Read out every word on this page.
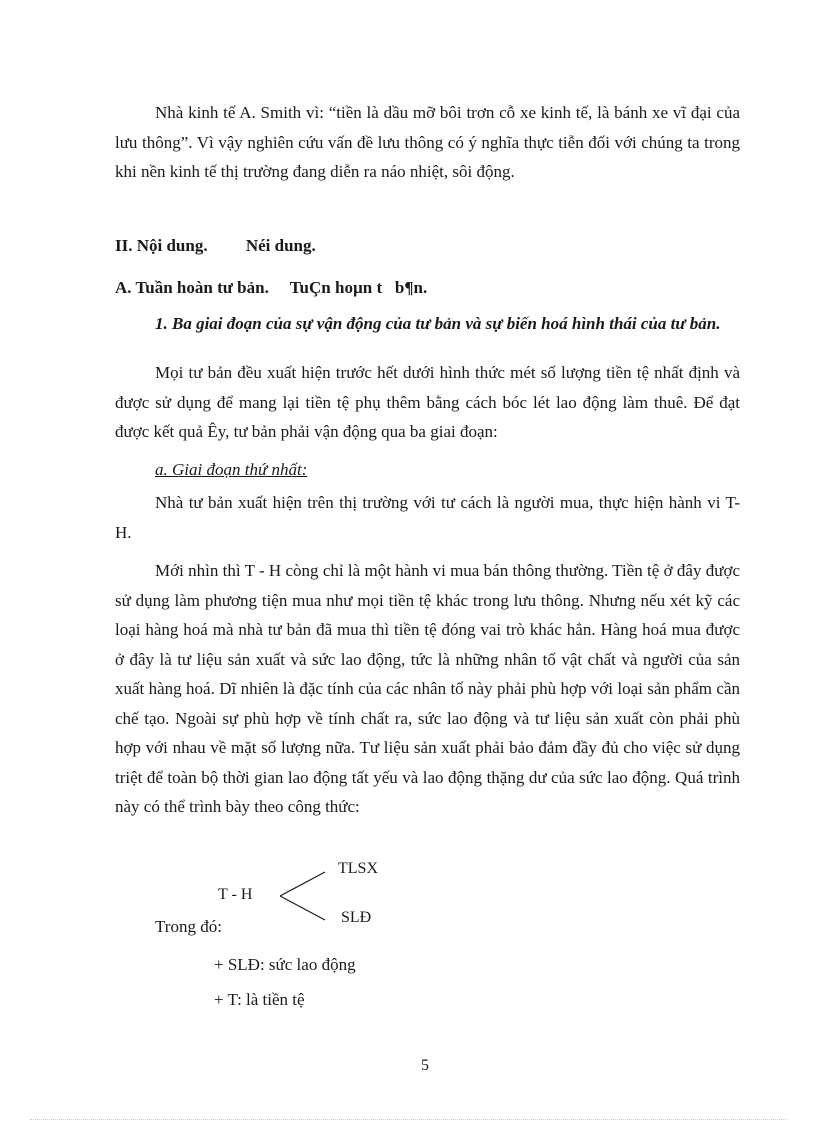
Nhà kinh tế A. Smith vì: “tiền là dầu mỡ bôi trơn cỗ xe kinh tế, là bánh xe vĩ đại của lưu thông”. Vì vậy nghiên cứu vấn đề lưu thông có ý nghĩa thực tiễn đối với chúng ta trong khi nền kinh tế thị trường đang diễn ra náo nhiệt, sôi động.

II. Nội dung.         Néi dung.

A. Tuần hoàn tư bản.     TuÇn hoµn t   b¶n.

1. Ba giai đoạn của sự vận động của tư bản và sự biến hoá hình thái của tư bản.

Mọi tư bản đều xuất hiện trước hết dưới hình thức mét số lượng tiền tệ nhất định và được sử dụng để mang lại tiền tệ phụ thêm bằng cách bóc lét lao động làm thuê. Để đạt được kết quả Êy, tư bản phải vận động qua ba giai đoạn:

a. Giai đoạn thứ nhất:

Nhà tư bản xuất hiện trên thị trường với tư cách là người mua, thực hiện hành vi T- H.

Mới nhìn thì T - H còng chỉ là một hành vi mua bán thông thường. Tiền tệ ở đây được sử dụng làm phương tiện mua như mọi tiền tệ khác trong lưu thông. Nhưng nếu xét kỹ các loại hàng hoá mà nhà tư bản đã mua thì tiền tệ đóng vai trò khác hẳn. Hàng hoá mua được ở đây là tư liệu sản xuất và sức lao động, tức là những nhân tố vật chất và người của sản xuất hàng hoá. Dĩ nhiên là đặc tính của các nhân tố này phải phù hợp với loại sản phẩm cần chế tạo. Ngoài sự phù hợp về tính chất ra, sức lao động và tư liệu sản xuất còn phải phù hợp với nhau về mặt số lượng nữa. Tư liệu sản xuất phải bảo đảm đầy đủ cho việc sử dụng triệt để toàn bộ thời gian lao động tất yếu và lao động thặng dư của sức lao động. Quá trình này có thể trình bày theo công thức:

T - H
TLSX
SLĐ
Trong đó:

+ SLĐ: sức lao động

+ T: là tiền tệ

5
